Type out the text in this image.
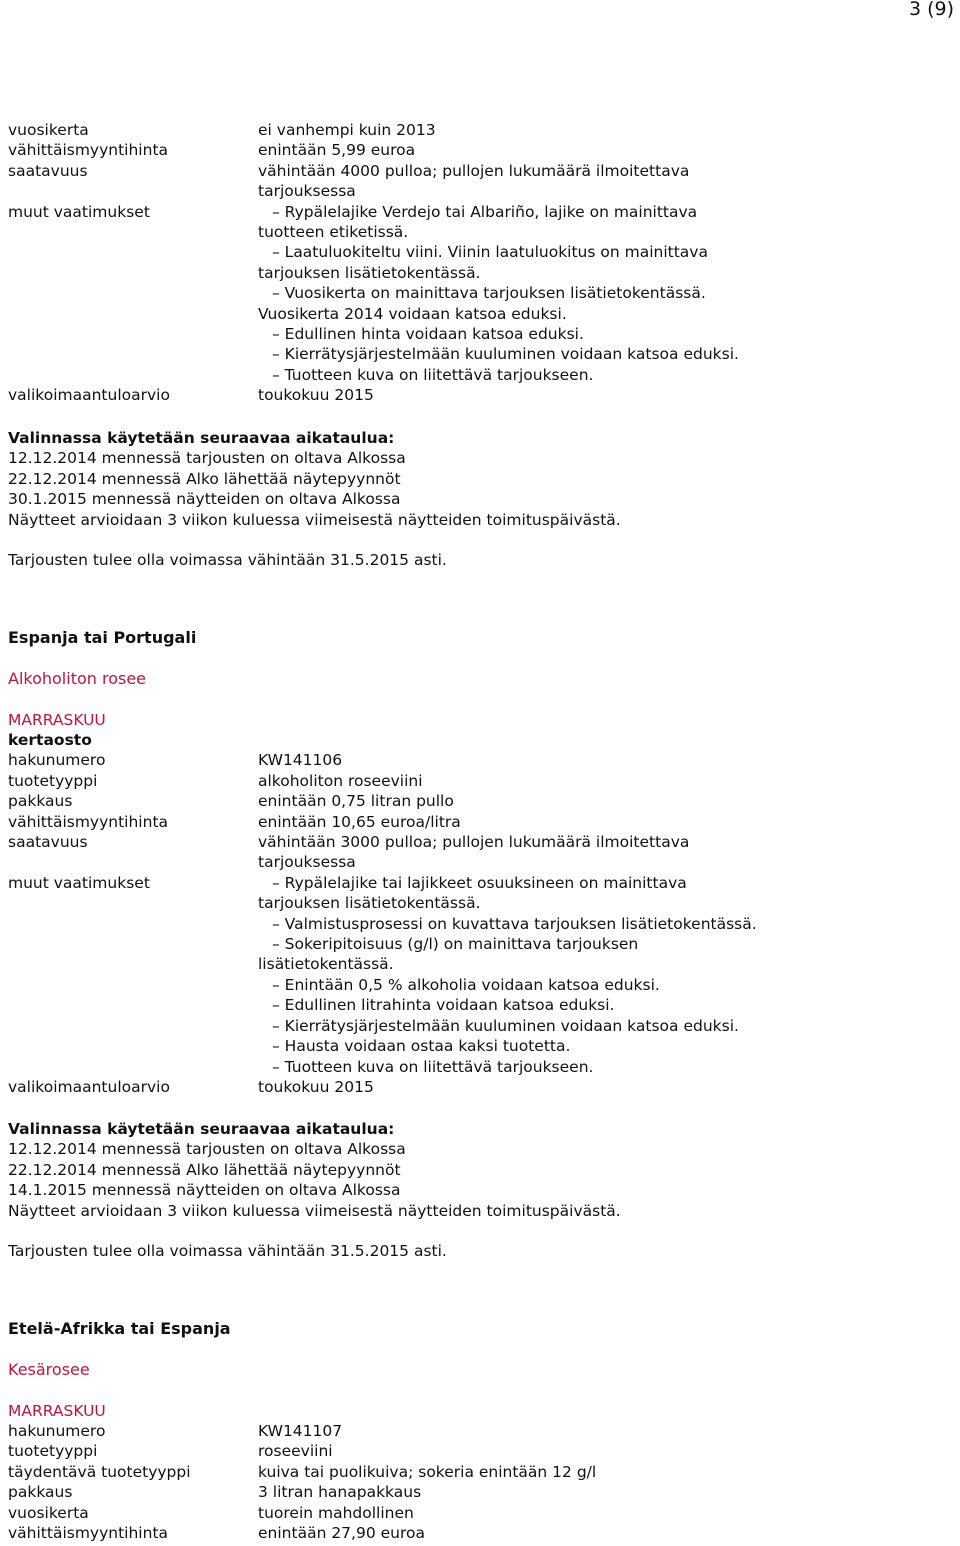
3 (9)
vuosikerta	ei vanhempi kuin 2013
vähittäismyyntihinta	enintään 5,99 euroa
saatavuus	vähintään 4000 pulloa; pullojen lukumäärä ilmoitettava
tarjouksessa
muut vaatimukset	– Rypälelajike Verdejo tai Albariño, lajike on mainittava
tuotteen etiketissä.
– Laatuluokiteltu viini. Viinin laatuluokitus on mainittava
tarjouksen lisätietokentässä.
– Vuosikerta on mainittava tarjouksen lisätietokentässä.
Vuosikerta 2014 voidaan katsoa eduksi.
– Edullinen hinta voidaan katsoa eduksi.
– Kierrätysjärjestelmään kuuluminen voidaan katsoa eduksi.
– Tuotteen kuva on liitettävä tarjoukseen.
valikoimaantuloarvio	toukokuu 2015
Valinnassa käytetään seuraavaa aikataulua:
12.12.2014 mennessä tarjousten on oltava Alkossa
22.12.2014 mennessä Alko lähettää näytepyynnöt
30.1.2015 mennessä näytteiden on oltava Alkossa
Näytteet arvioidaan 3 viikon kuluessa viimeisestä näytteiden toimituspäivästä.
Tarjousten tulee olla voimassa vähintään 31.5.2015 asti.
Espanja tai Portugali
Alkoholiton rosee
MARRASKUU
kertaosto
hakunumero	KW141106
tuotetyyppi	alkoholiton roseeviini
pakkaus	enintään 0,75 litran pullo
vähittäismyyntihinta	enintään 10,65 euroa/litra
saatavuus	vähintään 3000 pulloa; pullojen lukumäärä ilmoitettava
tarjouksessa
muut vaatimukset	– Rypälelajike tai lajikkeet osuuksineen on mainittava
tarjouksen lisätietokentässä.
– Valmistusprosessi on kuvattava tarjouksen lisätietokentässä.
– Sokeripitoisuus (g/l) on mainittava tarjouksen
lisätietokentässä.
– Enintään 0,5 % alkoholia voidaan katsoa eduksi.
– Edullinen litrahinta voidaan katsoa eduksi.
– Kierrätysjärjestelmään kuuluminen voidaan katsoa eduksi.
– Hausta voidaan ostaa kaksi tuotetta.
– Tuotteen kuva on liitettävä tarjoukseen.
valikoimaantuloarvio	toukokuu 2015
Valinnassa käytetään seuraavaa aikataulua:
12.12.2014 mennessä tarjousten on oltava Alkossa
22.12.2014 mennessä Alko lähettää näytepyynnöt
14.1.2015 mennessä näytteiden on oltava Alkossa
Näytteet arvioidaan 3 viikon kuluessa viimeisestä näytteiden toimituspäivästä.
Tarjousten tulee olla voimassa vähintään 31.5.2015 asti.
Etelä-Afrikka tai Espanja
Kesärosee
MARRASKUU
hakunumero	KW141107
tuotetyyppi	roseeviini
täydentävä tuotetyyppi	kuiva tai puolikuiva; sokeria enintään 12 g/l
pakkaus	3 litran hanapakkaus
vuosikerta	tuorein mahdollinen
vähittäismyyntihinta	enintään 27,90 euroa
